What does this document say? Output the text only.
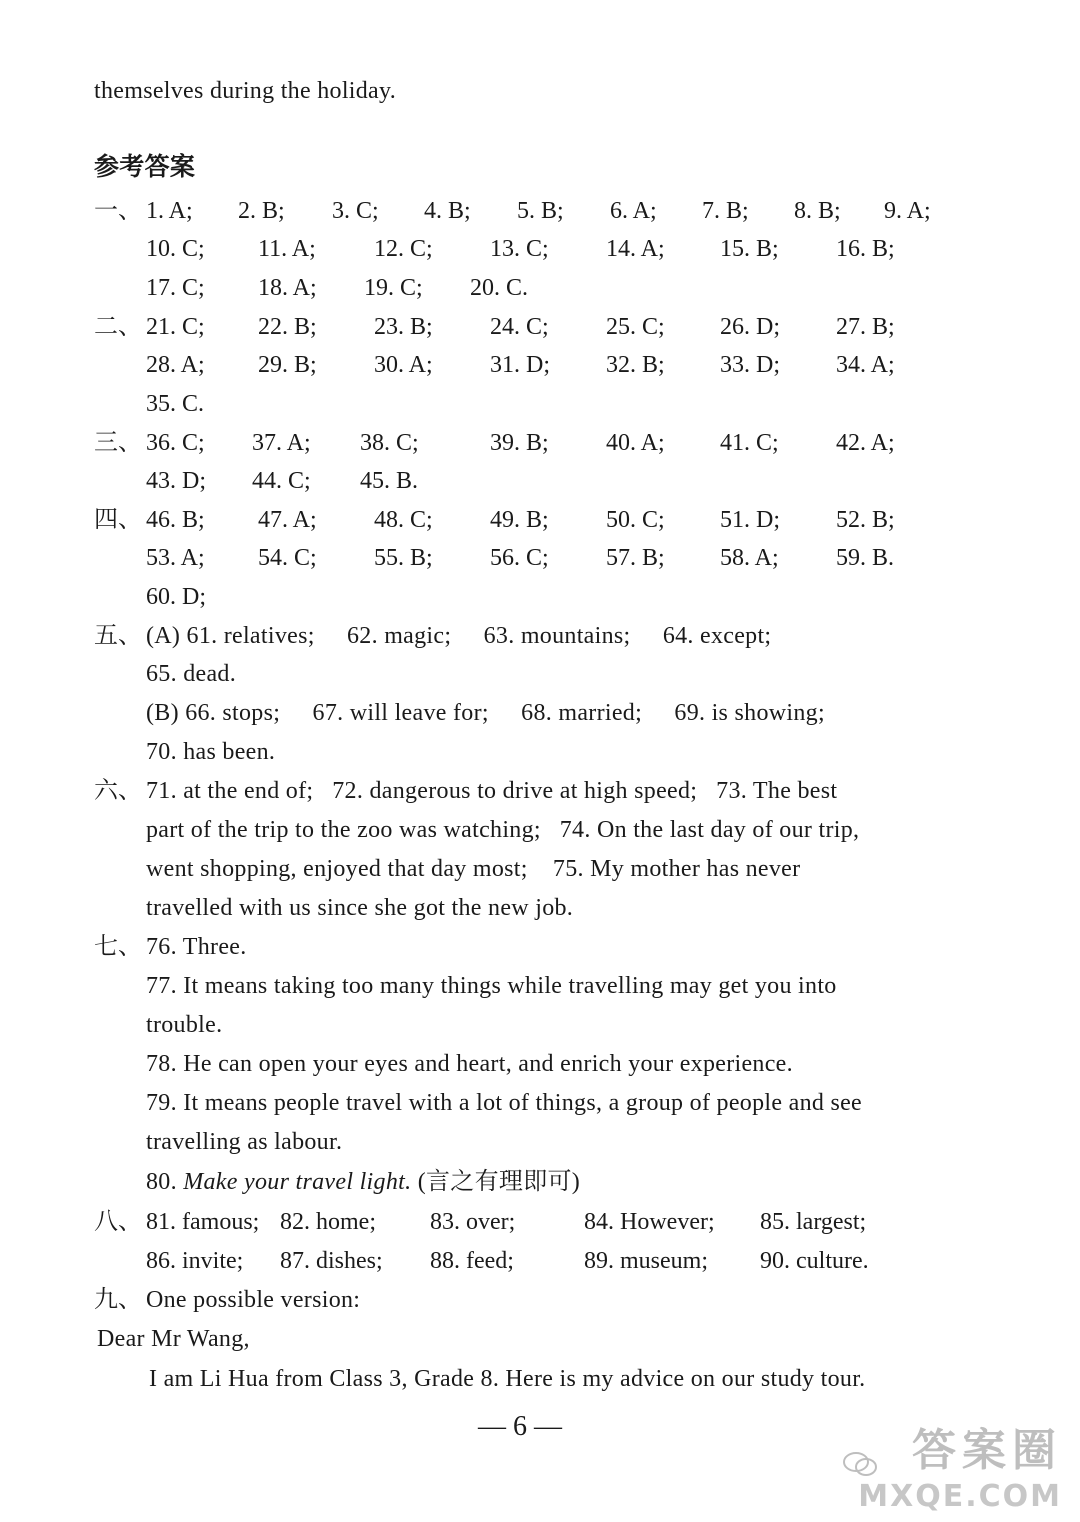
themselves during the holiday.
参考答案
一、 1. A; 2. B; 3. C; 4. B; 5. B; 6. A; 7. B; 8. B; 9. A;
10. C; 11. A; 12. C; 13. C; 14. A; 15. B; 16. B;
17. C; 18. A; 19. C; 20. C.
二、 21. C; 22. B; 23. B; 24. C; 25. C; 26. D; 27. B;
28. A; 29. B; 30. A; 31. D; 32. B; 33. D; 34. A;
35. C.
三、 36. C; 37. A; 38. C;	39. B; 40. A; 41. C; 42. A;
43. D; 44. C; 45. B.
四、 46. B; 47. A; 48. C; 49. B; 50. C; 51. D; 52. B;
53. A; 54. C; 55. B; 56. C; 57. B; 58. A; 59. B.
60. D;
五、 (A) 61. relatives; 62. magic; 63. mountains; 64. except;
65. dead.
(B) 66. stops; 67. will leave for; 68. married; 69. is showing;
70. has been.
六、 71. at the end of;   72. dangerous to drive at high speed;   73. The best
part of the trip to the zoo was watching;   74. On the last day of our trip,
went shopping, enjoyed that day most;    75. My mother has never
travelled with us since she got the new job.
七、 76. Three.
77. It means taking too many things while travelling may get you into
trouble.
78. He can open your eyes and heart, and enrich your experience.
79. It means people travel with a lot of things, a group of people and see
travelling as labour.
80. Make your travel light. (言之有理即可)
八、 81. famous; 82. home; 83. over;	84. However; 85. largest;
86. invite; 87. dishes; 88. feed;	89. museum; 90. culture.
九、 One possible version:
Dear Mr Wang,
I am Li Hua from Class 3, Grade 8. Here is my advice on our study tour.
— 6 —	答案圈
MXQE.COM
